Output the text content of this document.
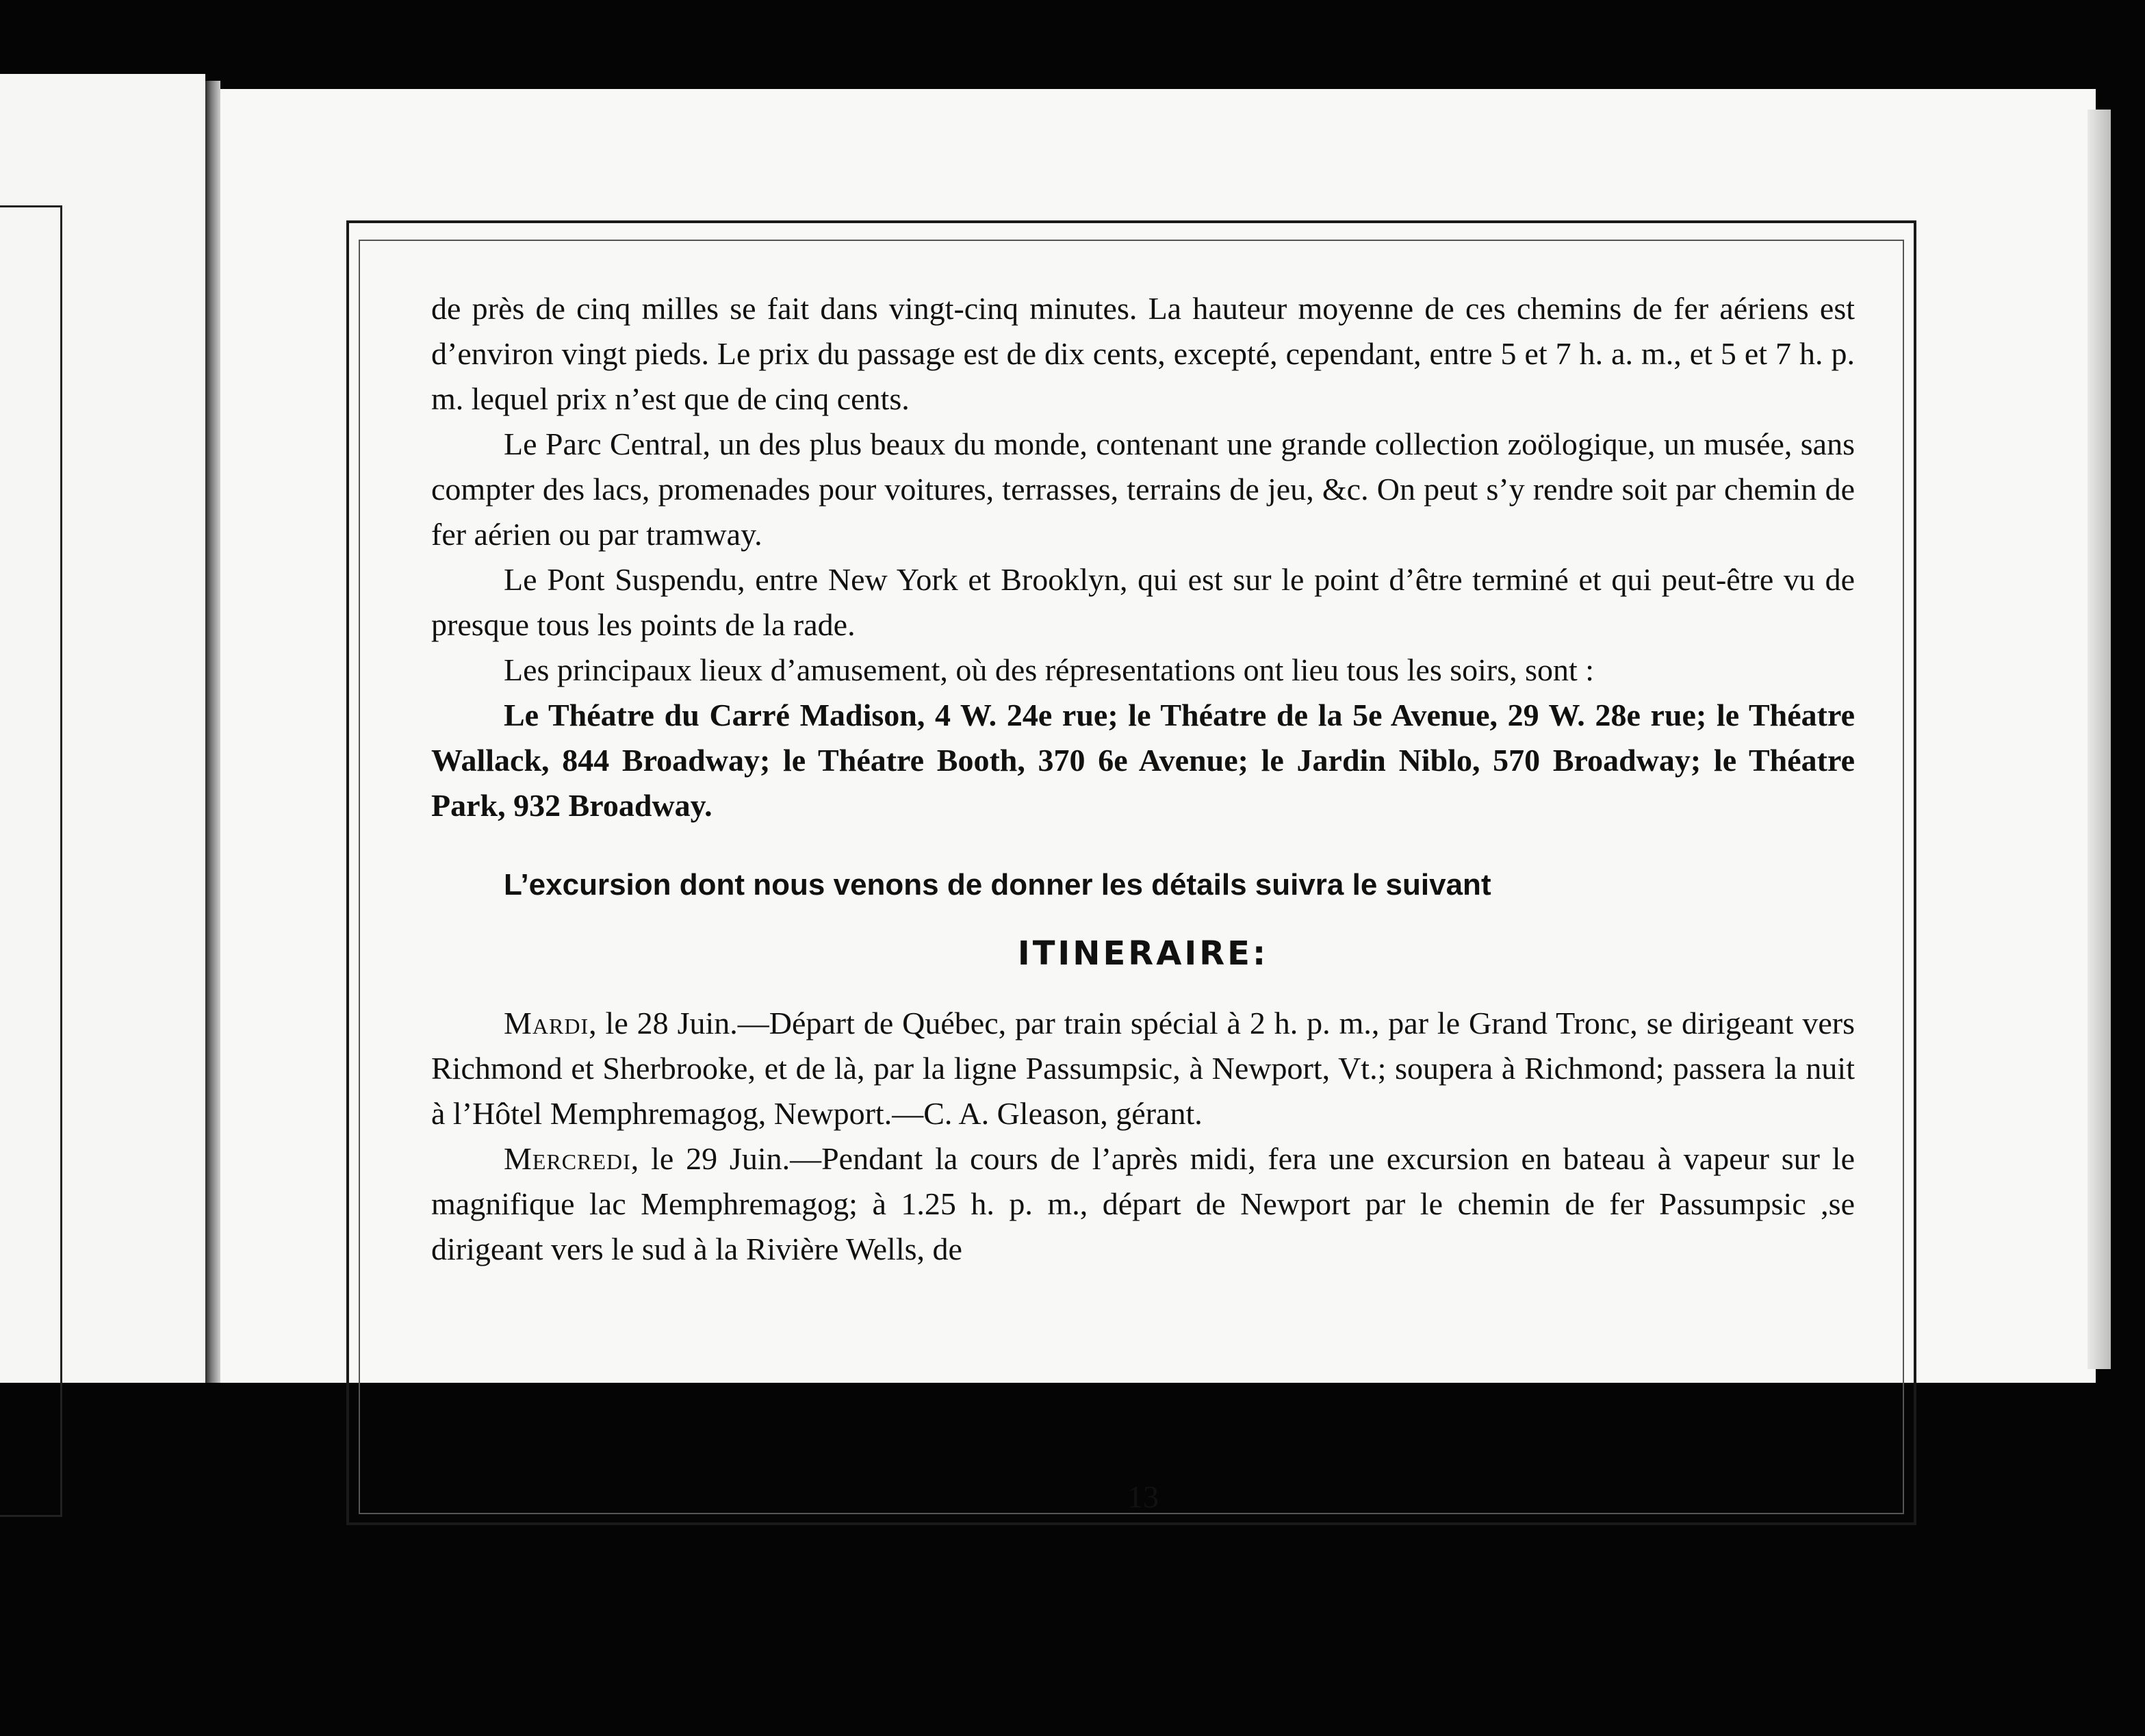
de près de cinq milles se fait dans vingt-cinq minutes. La hauteur moyenne de ces chemins de fer aériens est d’environ vingt pieds. Le prix du passage est de dix cents, excepté, cependant, entre 5 et 7 h. a. m., et 5 et 7 h. p. m. lequel prix n’est que de cinq cents.

Le Parc Central, un des plus beaux du monde, contenant une grande collection zoölogique, un musée, sans compter des lacs, promenades pour voitures, terrasses, terrains de jeu, &c. On peut s’y rendre soit par chemin de fer aérien ou par tramway.

Le Pont Suspendu, entre New York et Brooklyn, qui est sur le point d’être terminé et qui peut-être vu de presque tous les points de la rade.

Les principaux lieux d’amusement, où des répresentations ont lieu tous les soirs, sont :

Le Théatre du Carré Madison, 4 W. 24e rue; le Théatre de la 5e Avenue, 29 W. 28e rue; le Théatre Wallack, 844 Broadway; le Théatre Booth, 370 6e Avenue; le Jardin Niblo, 570 Broadway; le Théatre Park, 932 Broadway.

L’excursion dont nous venons de donner les détails suivra le suivant

ITINERAIRE:

Mardi, le 28 Juin.—Départ de Québec, par train spécial à 2 h. p. m., par le Grand Tronc, se dirigeant vers Richmond et Sherbrooke, et de là, par la ligne Passumpsic, à Newport, Vt.; soupera à Richmond; passera la nuit à l’Hôtel Memphremagog, Newport.—C. A. Gleason, gérant.

Mercredi, le 29 Juin.—Pendant la cours de l’après midi, fera une excursion en bateau à vapeur sur le magnifique lac Memphremagog; à 1.25 h. p. m., départ de Newport par le chemin de fer Passumpsic ,se dirigeant vers le sud à la Rivière Wells, de

13
